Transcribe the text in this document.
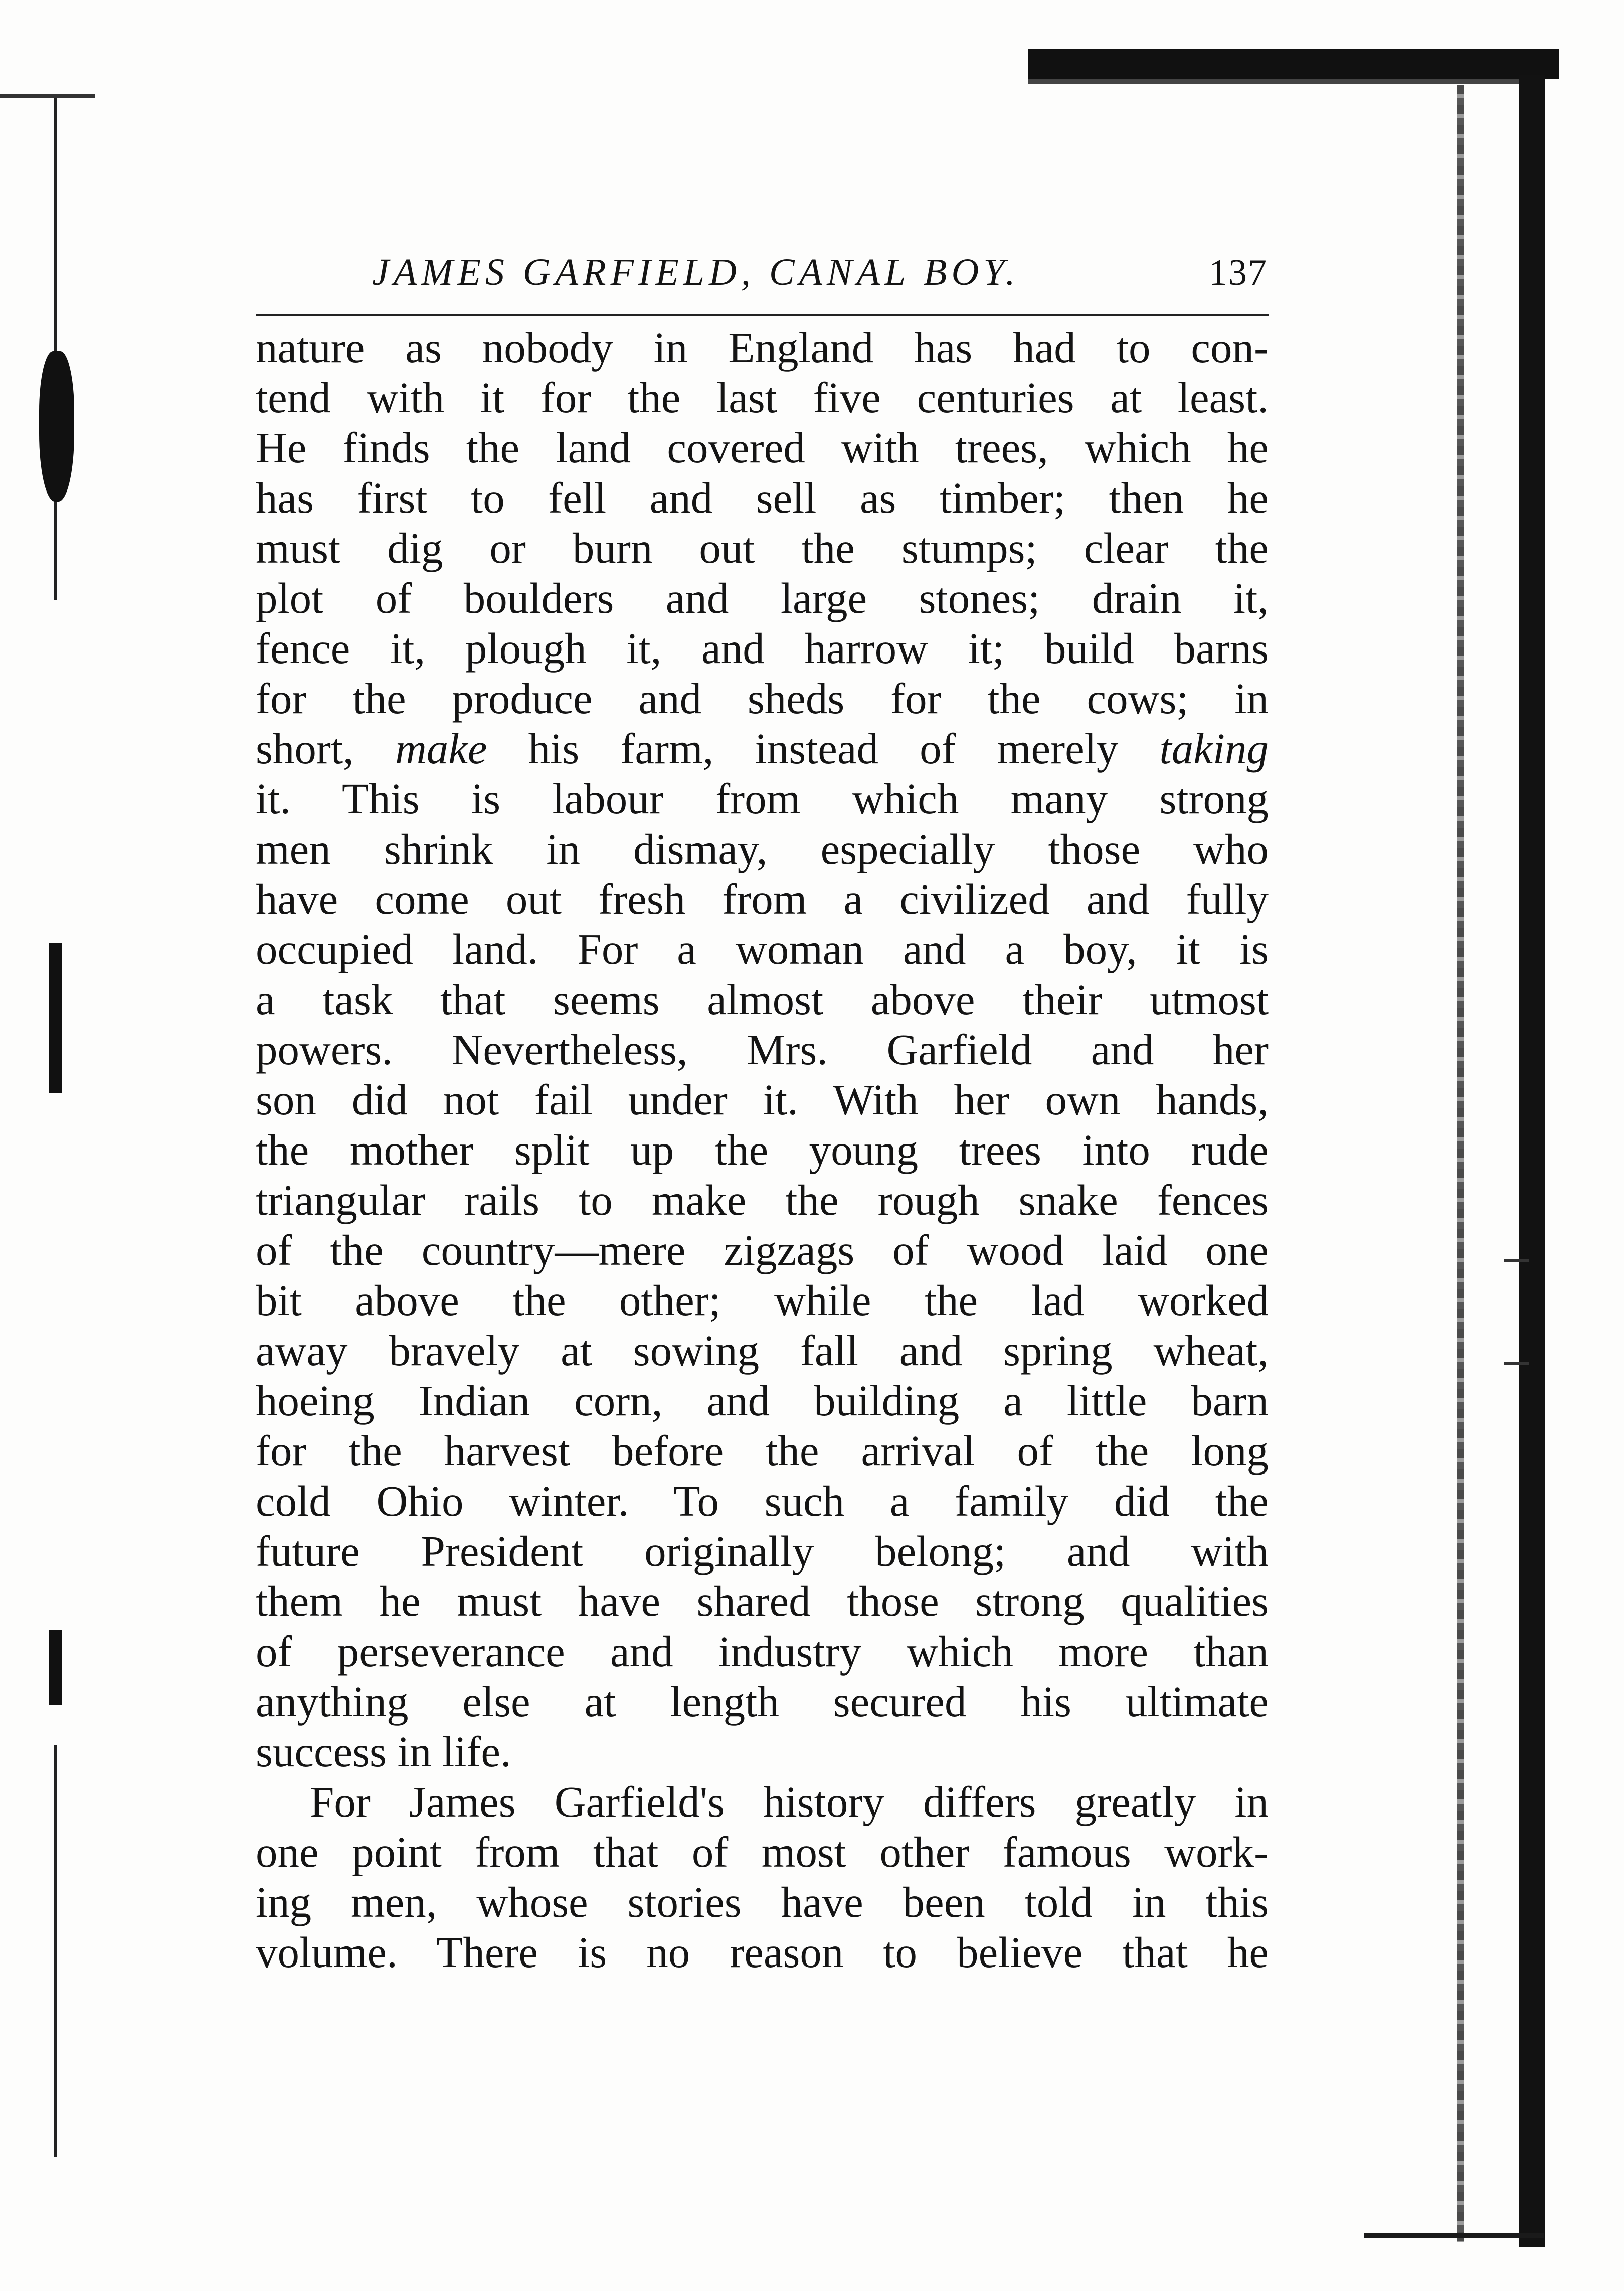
JAMES GARFIELD, CANAL BOY.	137
nature as nobody in England has had to con-
tend with it for the last five centuries at least.
He finds the land covered with trees, which he
has first to fell and sell as timber; then he
must dig or burn out the stumps; clear the
plot of boulders and large stones; drain it,
fence it, plough it, and harrow it; build barns
for the produce and sheds for the cows; in
short, make his farm, instead of merely taking
it. This is labour from which many strong
men shrink in dismay, especially those who
have come out fresh from a civilized and fully
occupied land. For a woman and a boy, it is
a task that seems almost above their utmost
powers. Nevertheless, Mrs. Garfield and her
son did not fail under it. With her own hands,
the mother split up the young trees into rude
triangular rails to make the rough snake fences
of the country—mere zigzags of wood laid one
bit above the other; while the lad worked
away bravely at sowing fall and spring wheat,
hoeing Indian corn, and building a little barn
for the harvest before the arrival of the long
cold Ohio winter. To such a family did the
future President originally belong; and with
them he must have shared those strong qualities
of perseverance and industry which more than
anything else at length secured his ultimate
success in life.
For James Garfield's history differs greatly in
one point from that of most other famous work-
ing men, whose stories have been told in this
volume. There is no reason to believe that he
